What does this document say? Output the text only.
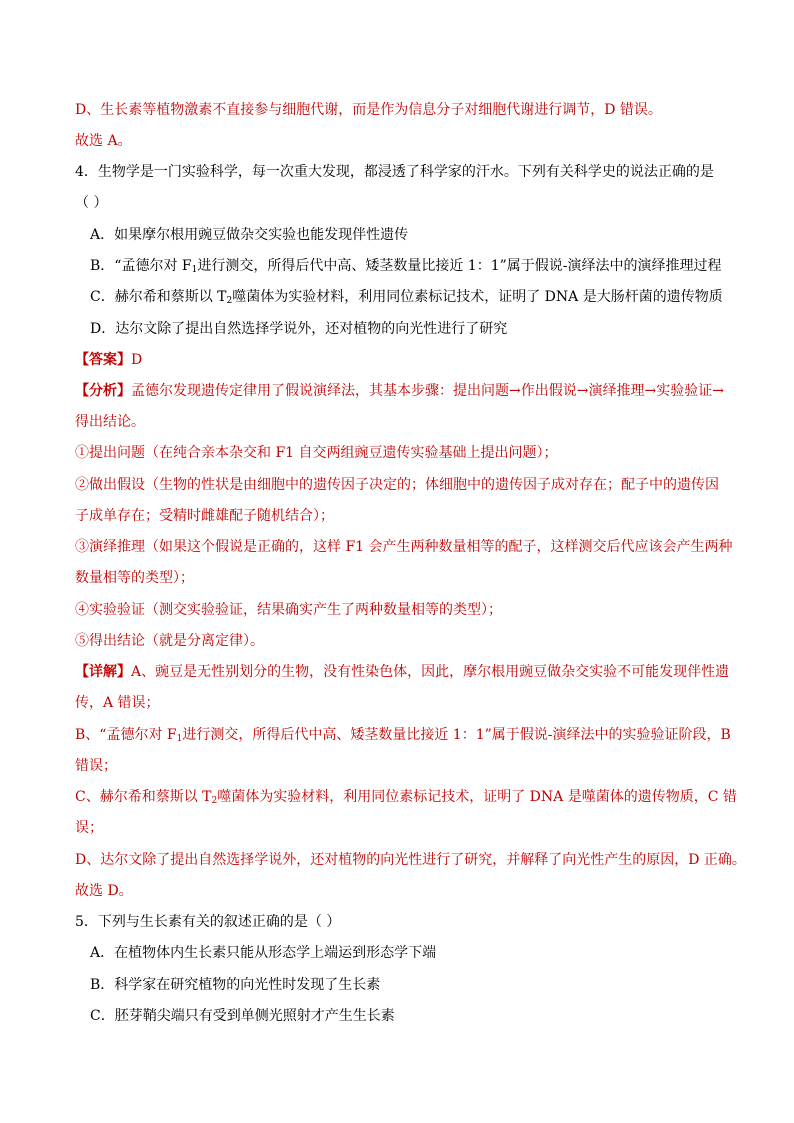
D、生长素等植物激素不直接参与细胞代谢，而是作为信息分子对细胞代谢进行调节，D 错误。
故选 A。
4．生物学是一门实验科学，每一次重大发现，都浸透了科学家的汗水。下列有关科学史的说法正确的是
（ ）
A．如果摩尔根用豌豆做杂交实验也能发现伴性遗传
B．“孟德尔对 $F_1$进行测交，所得后代中高、矮茎数量比接近 1：1”属于假说-演绎法中的演绎推理过程
C．赫尔希和蔡斯以 $T_2$噬菌体为实验材料，利用同位素标记技术，证明了 DNA 是大肠杆菌的遗传物质
D．达尔文除了提出自然选择学说外，还对植物的向光性进行了研究
【答案】D
【分析】孟德尔发现遗传定律用了假说演绎法，其基本步骤：提出问题→作出假说→演绎推理→实验验证→
得出结论。
①提出问题（在纯合亲本杂交和 F1 自交两组豌豆遗传实验基础上提出问题）；
②做出假设（生物的性状是由细胞中的遗传因子决定的；体细胞中的遗传因子成对存在；配子中的遗传因
子成单存在；受精时雌雄配子随机结合）；
③演绎推理（如果这个假说是正确的，这样 F1 会产生两种数量相等的配子，这样测交后代应该会产生两种
数量相等的类型）；
④实验验证（测交实验验证，结果确实产生了两种数量相等的类型）；
⑤得出结论（就是分离定律）。
【详解】A、豌豆是无性别划分的生物，没有性染色体，因此，摩尔根用豌豆做杂交实验不可能发现伴性遗
传，A 错误；
B、“孟德尔对 $F_1$进行测交，所得后代中高、矮茎数量比接近 1：1”属于假说-演绎法中的实验验证阶段，B
错误；
C、赫尔希和蔡斯以 $T_2$噬菌体为实验材料，利用同位素标记技术，证明了 DNA 是噬菌体的遗传物质，C 错
误；
D、达尔文除了提出自然选择学说外，还对植物的向光性进行了研究，并解释了向光性产生的原因，D 正确。
故选 D。
5．下列与生长素有关的叙述正确的是（ ）
A．在植物体内生长素只能从形态学上端运到形态学下端
B．科学家在研究植物的向光性时发现了生长素
C．胚芽鞘尖端只有受到单侧光照射才产生生长素
